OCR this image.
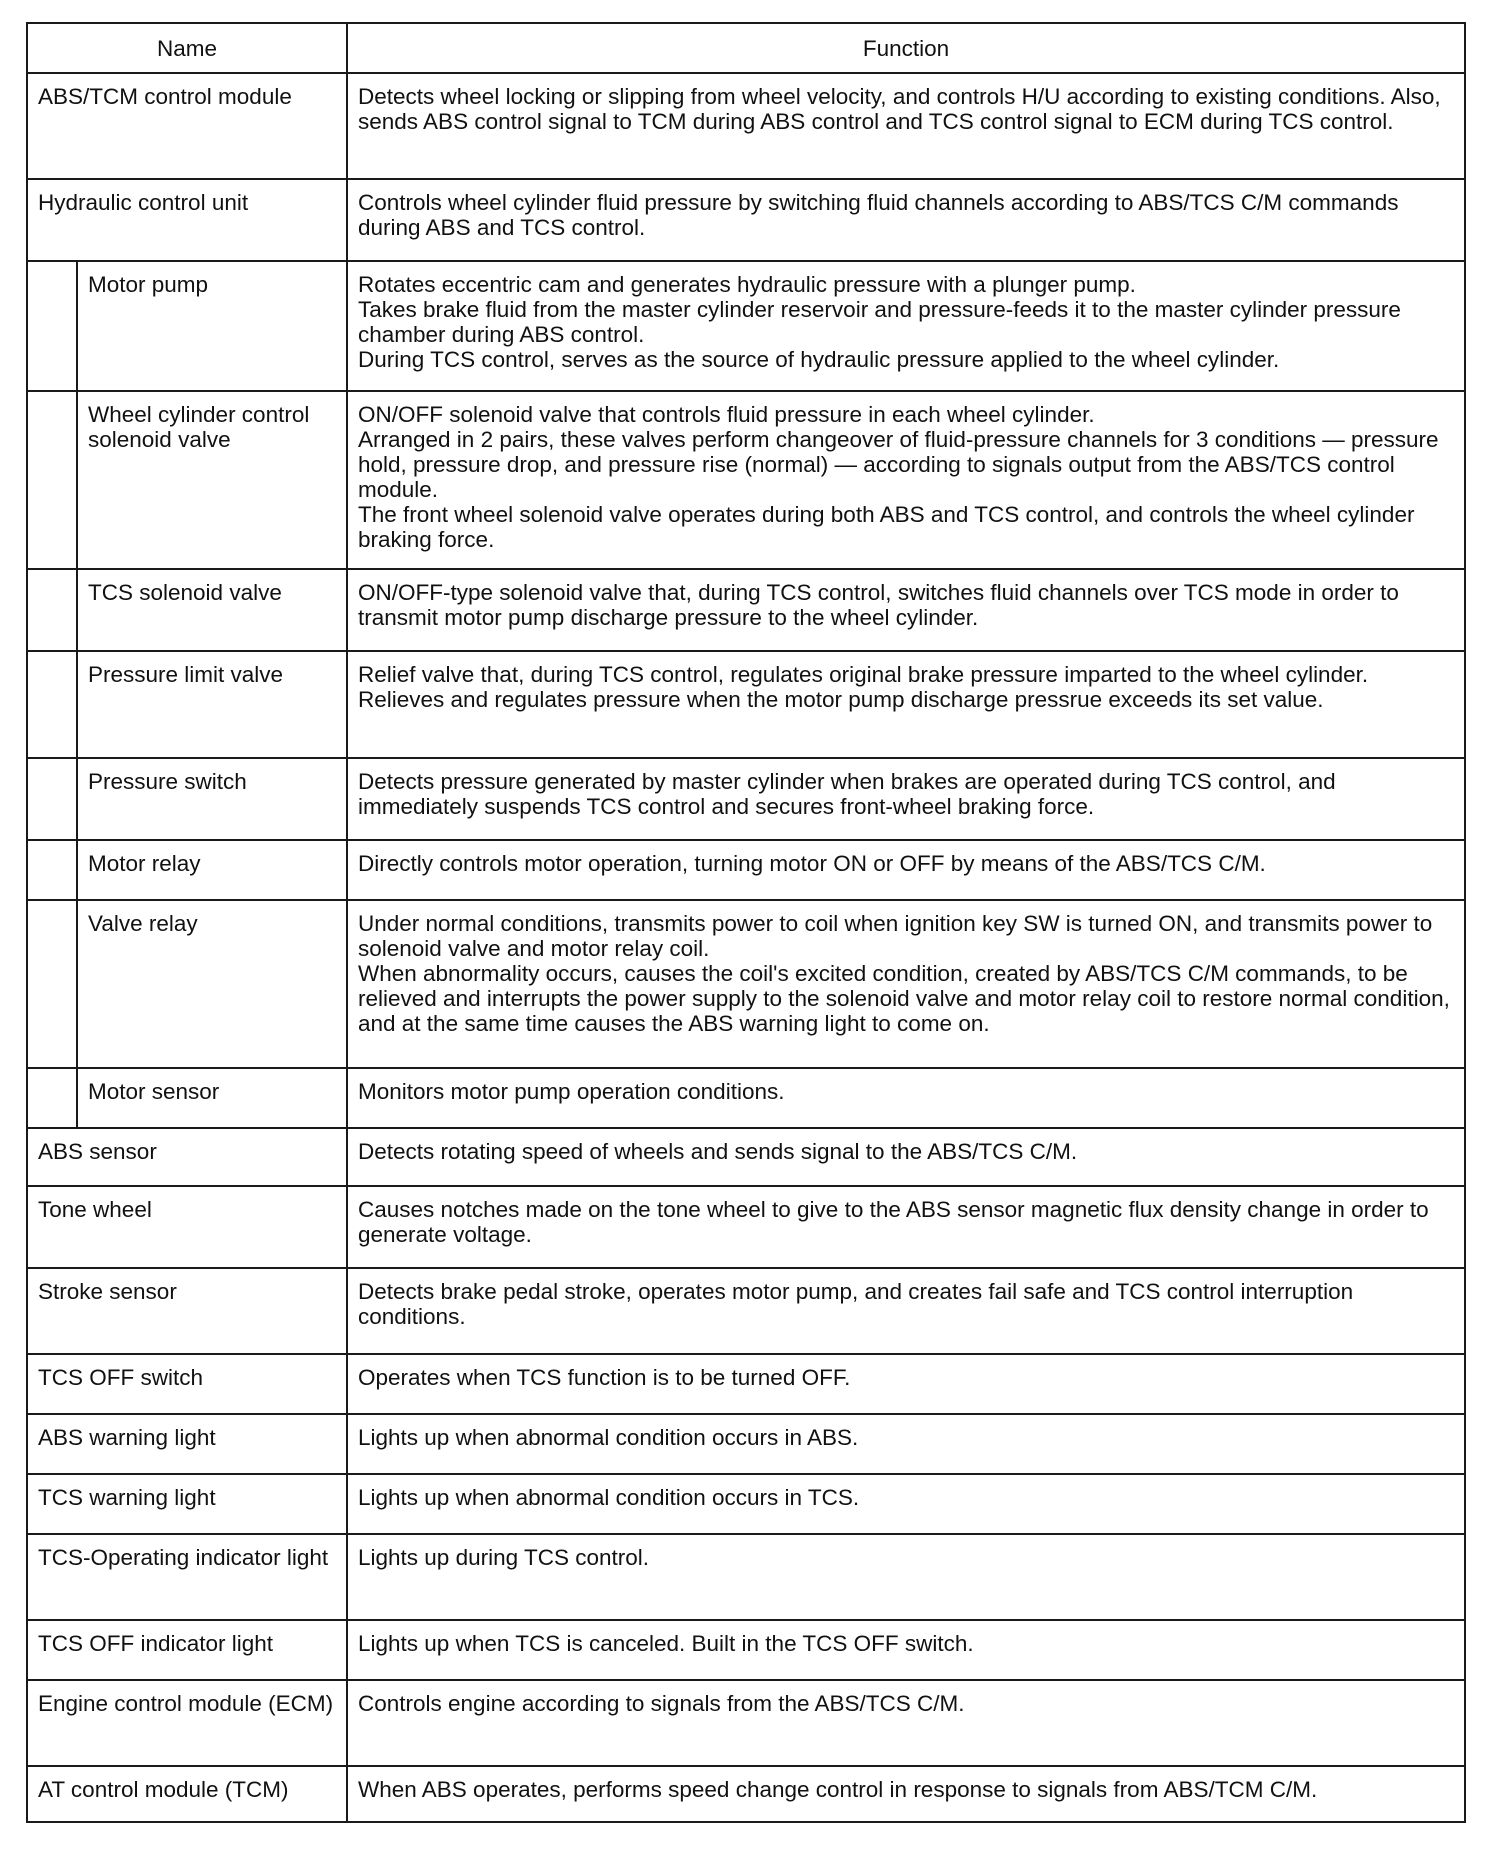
Name		Function
ABS/TCM control module		Detects wheel locking or slipping from wheel velocity, and controls H/U according to existing conditions. Also, sends ABS control signal to TCM during ABS control and TCS control signal to ECM during TCS control.
Hydraulic control unit		Controls wheel cylinder fluid pressure by switching fluid channels according to ABS/TCS C/M commands during ABS and TCS control.
	Motor pump	Rotates eccentric cam and generates hydraulic pressure with a plunger pump.
Takes brake fluid from the master cylinder reservoir and pressure-feeds it to the master cylinder pressure chamber during ABS control.
During TCS control, serves as the source of hydraulic pressure applied to the wheel cylinder.
	Wheel cylinder control solenoid valve	ON/OFF solenoid valve that controls fluid pressure in each wheel cylinder.
Arranged in 2 pairs, these valves perform changeover of fluid-pressure channels for 3 conditions — pressure hold, pressure drop, and pressure rise (normal) — according to signals output from the ABS/TCS control module.
The front wheel solenoid valve operates during both ABS and TCS control, and controls the wheel cylinder braking force.
	TCS solenoid valve	ON/OFF-type solenoid valve that, during TCS control, switches fluid channels over TCS mode in order to transmit motor pump discharge pressure to the wheel cylinder.
	Pressure limit valve	Relief valve that, during TCS control, regulates original brake pressure imparted to the wheel cylinder. Relieves and regulates pressure when the motor pump discharge pressrue exceeds its set value.
	Pressure switch	Detects pressure generated by master cylinder when brakes are operated during TCS control, and immediately suspends TCS control and secures front-wheel braking force.
	Motor relay	Directly controls motor operation, turning motor ON or OFF by means of the ABS/TCS C/M.
	Valve relay	Under normal conditions, transmits power to coil when ignition key SW is turned ON, and transmits power to solenoid valve and motor relay coil.
When abnormality occurs, causes the coil's excited condition, created by ABS/TCS C/M commands, to be relieved and interrupts the power supply to the solenoid valve and motor relay coil to restore normal condition, and at the same time causes the ABS warning light to come on.
	Motor sensor	Monitors motor pump operation conditions.
ABS sensor		Detects rotating speed of wheels and sends signal to the ABS/TCS C/M.
Tone wheel		Causes notches made on the tone wheel to give to the ABS sensor magnetic flux density change in order to generate voltage.
Stroke sensor		Detects brake pedal stroke, operates motor pump, and creates fail safe and TCS control interruption conditions.
TCS OFF switch		Operates when TCS function is to be turned OFF.
ABS warning light		Lights up when abnormal condition occurs in ABS.
TCS warning light		Lights up when abnormal condition occurs in TCS.
TCS-Operating indicator light		Lights up during TCS control.
TCS OFF indicator light		Lights up when TCS is canceled. Built in the TCS OFF switch.
Engine control module (ECM)		Controls engine according to signals from the ABS/TCS C/M.
AT control module (TCM)		When ABS operates, performs speed change control in response to signals from ABS/TCM C/M.
